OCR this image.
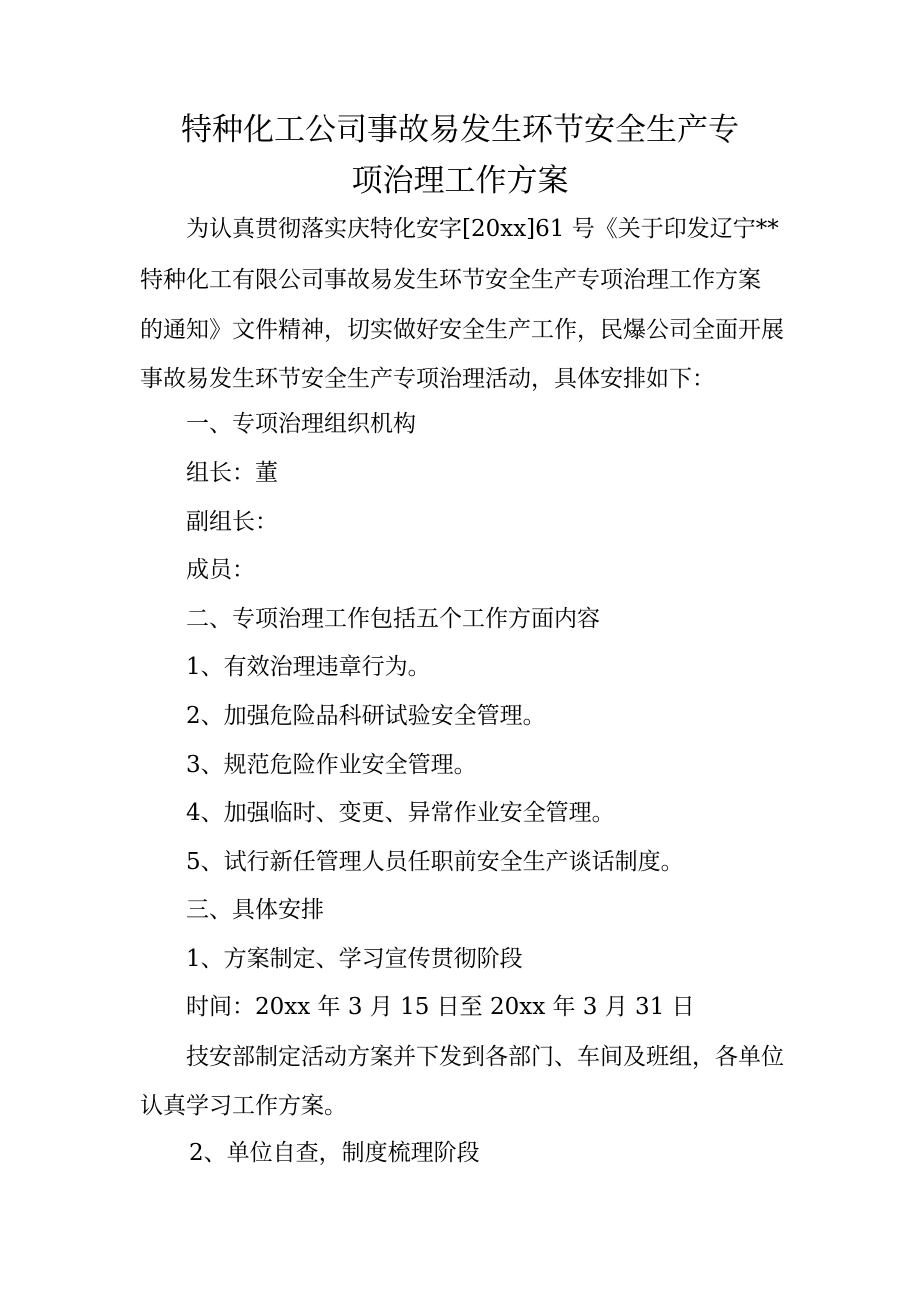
特种化工公司事故易发生环节安全生产专
项治理工作方案
为认真贯彻落实庆特化安字[20xx]61 号《关于印发辽宁**
特种化工有限公司事故易发生环节安全生产专项治理工作方案
的通知》文件精神，切实做好安全生产工作，民爆公司全面开展
事故易发生环节安全生产专项治理活动，具体安排如下：
一、专项治理组织机构
组长：董
副组长：
成员：
二、专项治理工作包括五个工作方面内容
1、有效治理违章行为。
2、加强危险品科研试验安全管理。
3、规范危险作业安全管理。
4、加强临时、变更、异常作业安全管理。
5、试行新任管理人员任职前安全生产谈话制度。
三、具体安排
1、方案制定、学习宣传贯彻阶段
时间：20xx 年 3 月 15 日至 20xx 年 3 月 31 日
技安部制定活动方案并下发到各部门、车间及班组，各单位
认真学习工作方案。
2、单位自查，制度梳理阶段
